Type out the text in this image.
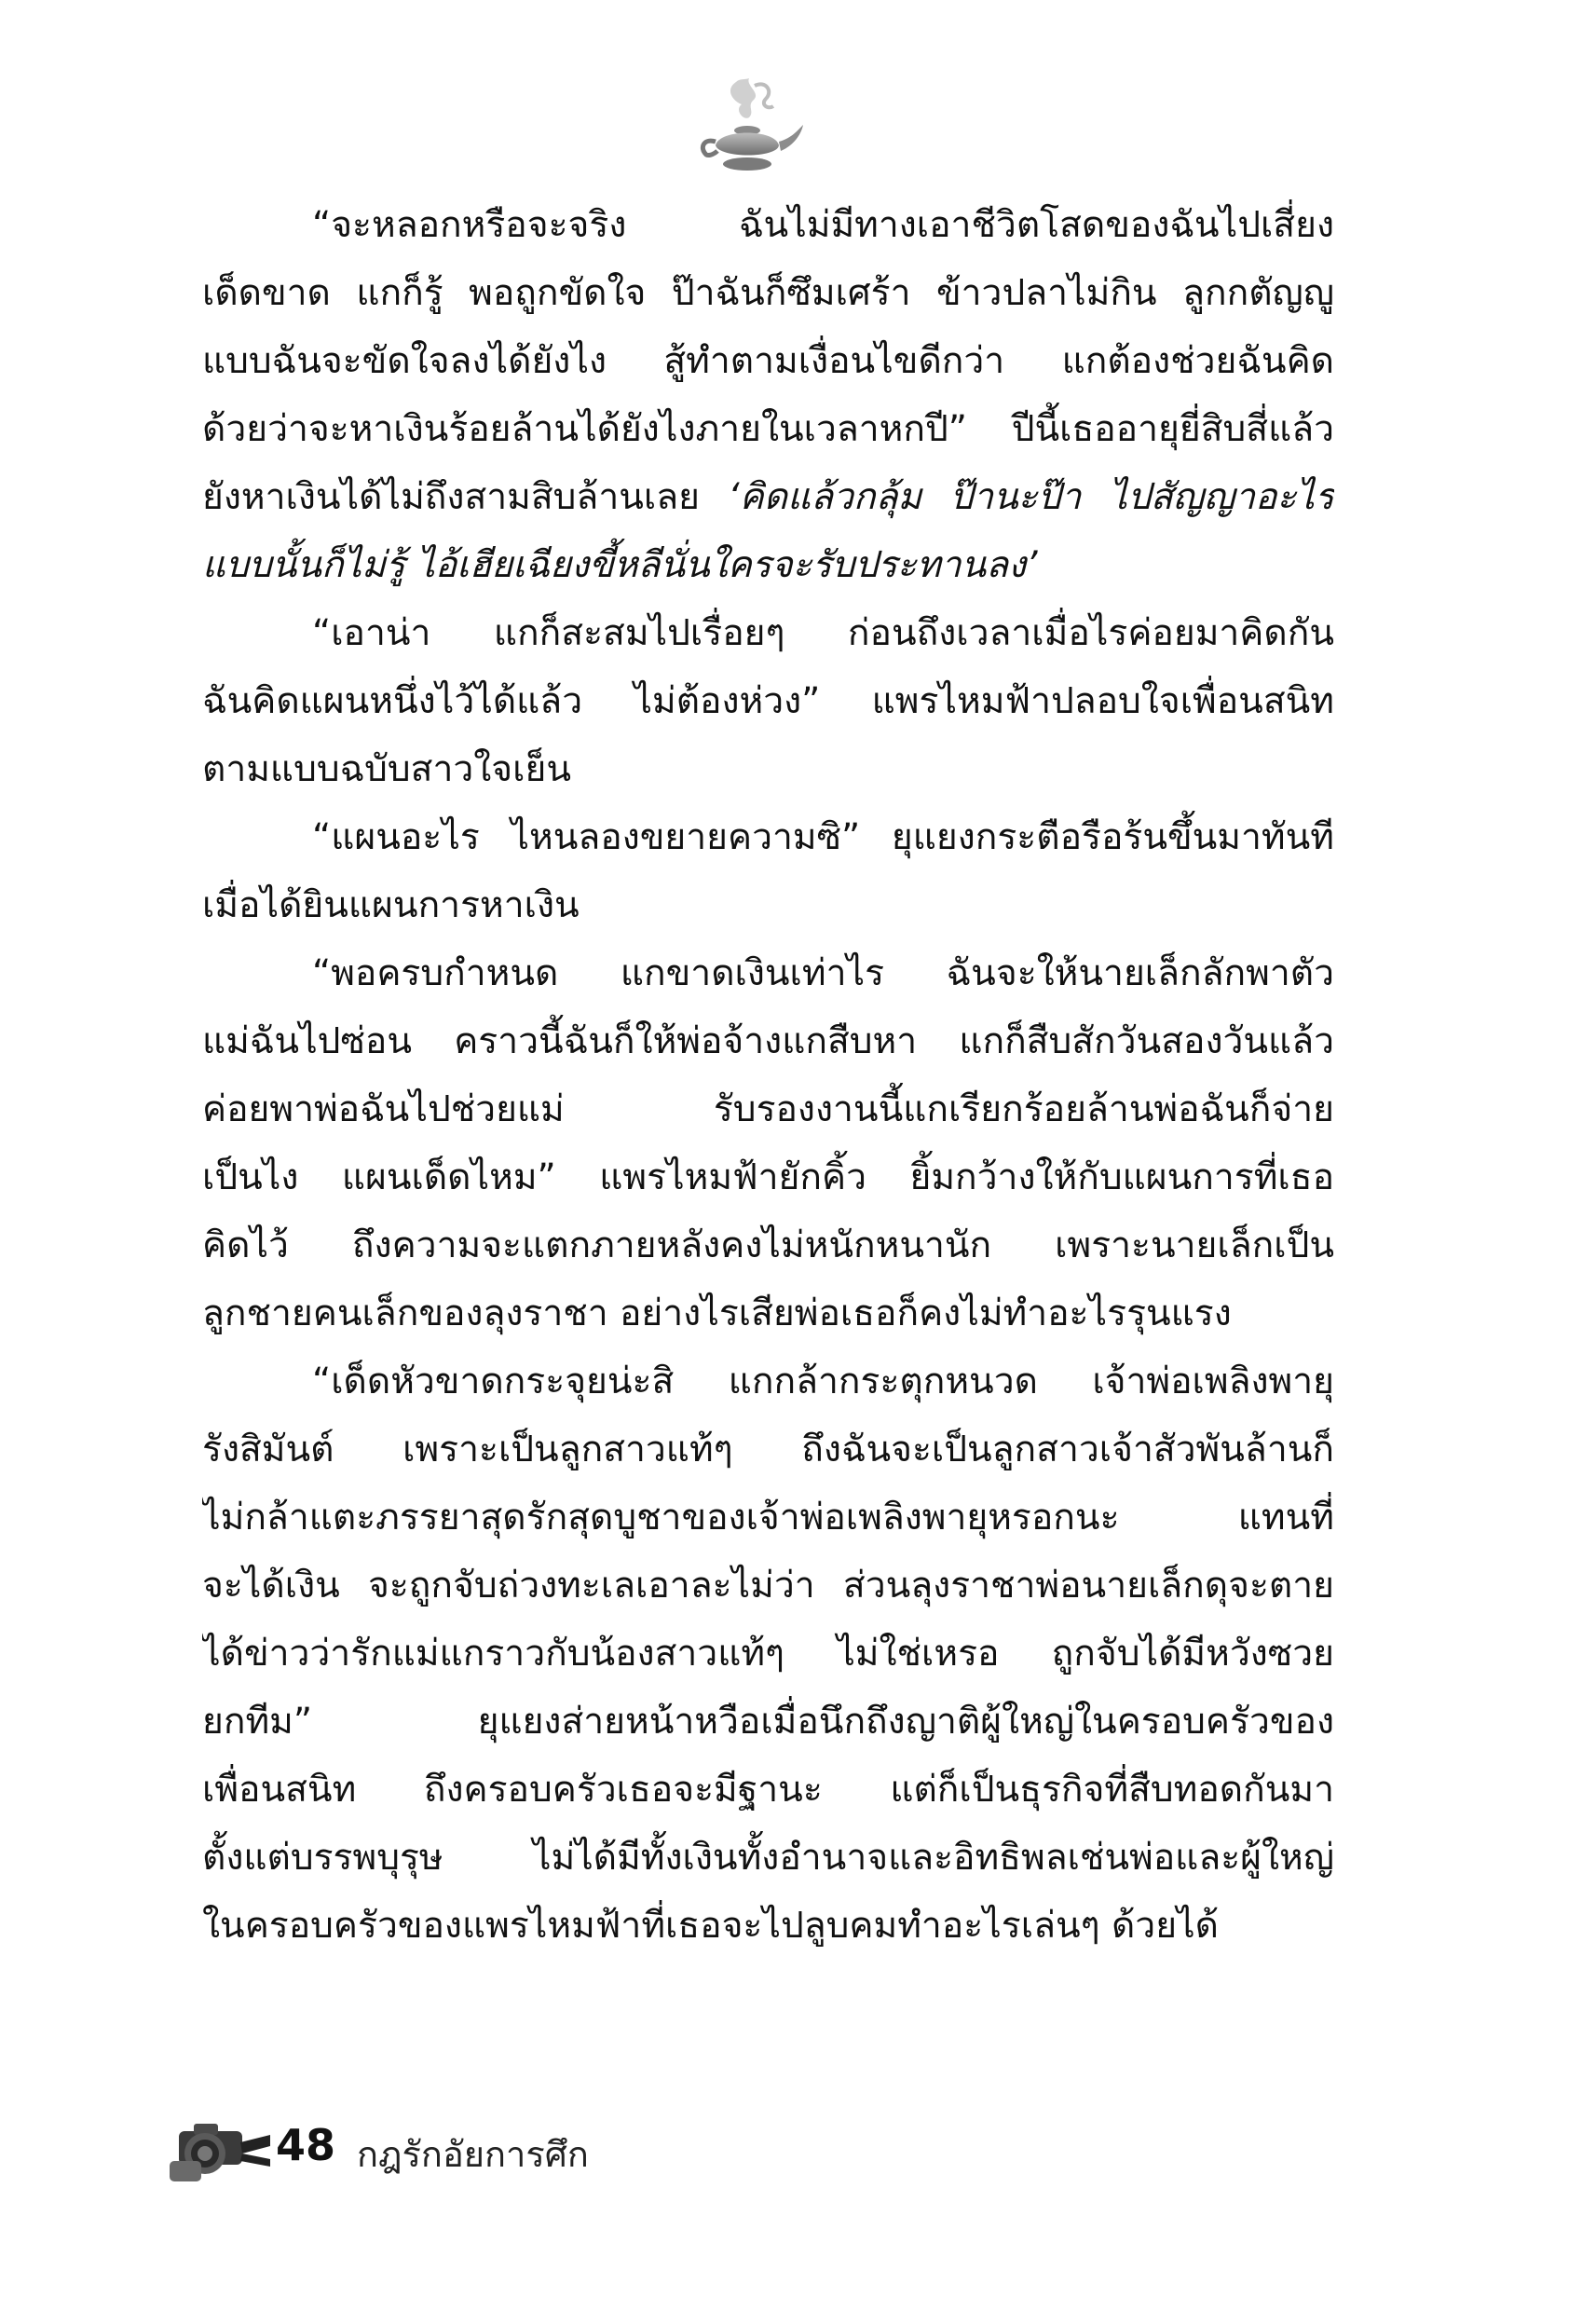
“จะหลอกหรือจะจริง ฉันไม่มีทางเอาชีวิตโสดของฉันไปเสี่ยง
เด็ดขาด แกก็รู้ พอถูกขัดใจ ป๊าฉันก็ซึมเศร้า ข้าวปลาไม่กิน ลูกกตัญญู
แบบฉันจะขัดใจลงได้ยังไง สู้ทำตามเงื่อนไขดีกว่า แกต้องช่วยฉันคิด
ด้วยว่าจะหาเงินร้อยล้านได้ยังไงภายในเวลาหกปี” ปีนี้เธออายุยี่สิบสี่แล้ว
ยังหาเงินได้ไม่ถึงสามสิบล้านเลย ‘คิดแล้วกลุ้ม ป๊านะป๊า ไปสัญญาอะไร
แบบนั้นก็ไม่รู้ ไอ้เฮียเฉียงขี้หลีนั่นใครจะรับประทานลง’
“เอาน่า แกก็สะสมไปเรื่อยๆ ก่อนถึงเวลาเมื่อไรค่อยมาคิดกัน
ฉันคิดแผนหนึ่งไว้ได้แล้ว ไม่ต้องห่วง” แพรไหมฟ้าปลอบใจเพื่อนสนิท
ตามแบบฉบับสาวใจเย็น
“แผนอะไร ไหนลองขยายความซิ” ยุแยงกระตือรือร้นขึ้นมาทันที
เมื่อได้ยินแผนการหาเงิน
“พอครบกำหนด แกขาดเงินเท่าไร ฉันจะให้นายเล็กลักพาตัว
แม่ฉันไปซ่อน คราวนี้ฉันก็ให้พ่อจ้างแกสืบหา แกก็สืบสักวันสองวันแล้ว
ค่อยพาพ่อฉันไปช่วยแม่ รับรองงานนี้แกเรียกร้อยล้านพ่อฉันก็จ่าย
เป็นไง แผนเด็ดไหม” แพรไหมฟ้ายักคิ้ว ยิ้มกว้างให้กับแผนการที่เธอ
คิดไว้ ถึงความจะแตกภายหลังคงไม่หนักหนานัก เพราะนายเล็กเป็น
ลูกชายคนเล็กของลุงราชา อย่างไรเสียพ่อเธอก็คงไม่ทำอะไรรุนแรง
“เด็ดหัวขาดกระจุยน่ะสิ แกกล้ากระตุกหนวด เจ้าพ่อเพลิงพายุ
รังสิมันต์ เพราะเป็นลูกสาวแท้ๆ ถึงฉันจะเป็นลูกสาวเจ้าสัวพันล้านก็
ไม่กล้าแตะภรรยาสุดรักสุดบูชาของเจ้าพ่อเพลิงพายุหรอกนะ แทนที่
จะได้เงิน จะถูกจับถ่วงทะเลเอาละไม่ว่า ส่วนลุงราชาพ่อนายเล็กดุจะตาย
ได้ข่าวว่ารักแม่แกราวกับน้องสาวแท้ๆ ไม่ใช่เหรอ ถูกจับได้มีหวังซวย
ยกทีม” ยุแยงส่ายหน้าหวือเมื่อนึกถึงญาติผู้ใหญ่ในครอบครัวของ
เพื่อนสนิท ถึงครอบครัวเธอจะมีฐานะ แต่ก็เป็นธุรกิจที่สืบทอดกันมา
ตั้งแต่บรรพบุรุษ ไม่ได้มีทั้งเงินทั้งอำนาจและอิทธิพลเช่นพ่อและผู้ใหญ่
ในครอบครัวของแพรไหมฟ้าที่เธอจะไปลูบคมทำอะไรเล่นๆ ด้วยได้
48 กฎรักอัยการศึก
